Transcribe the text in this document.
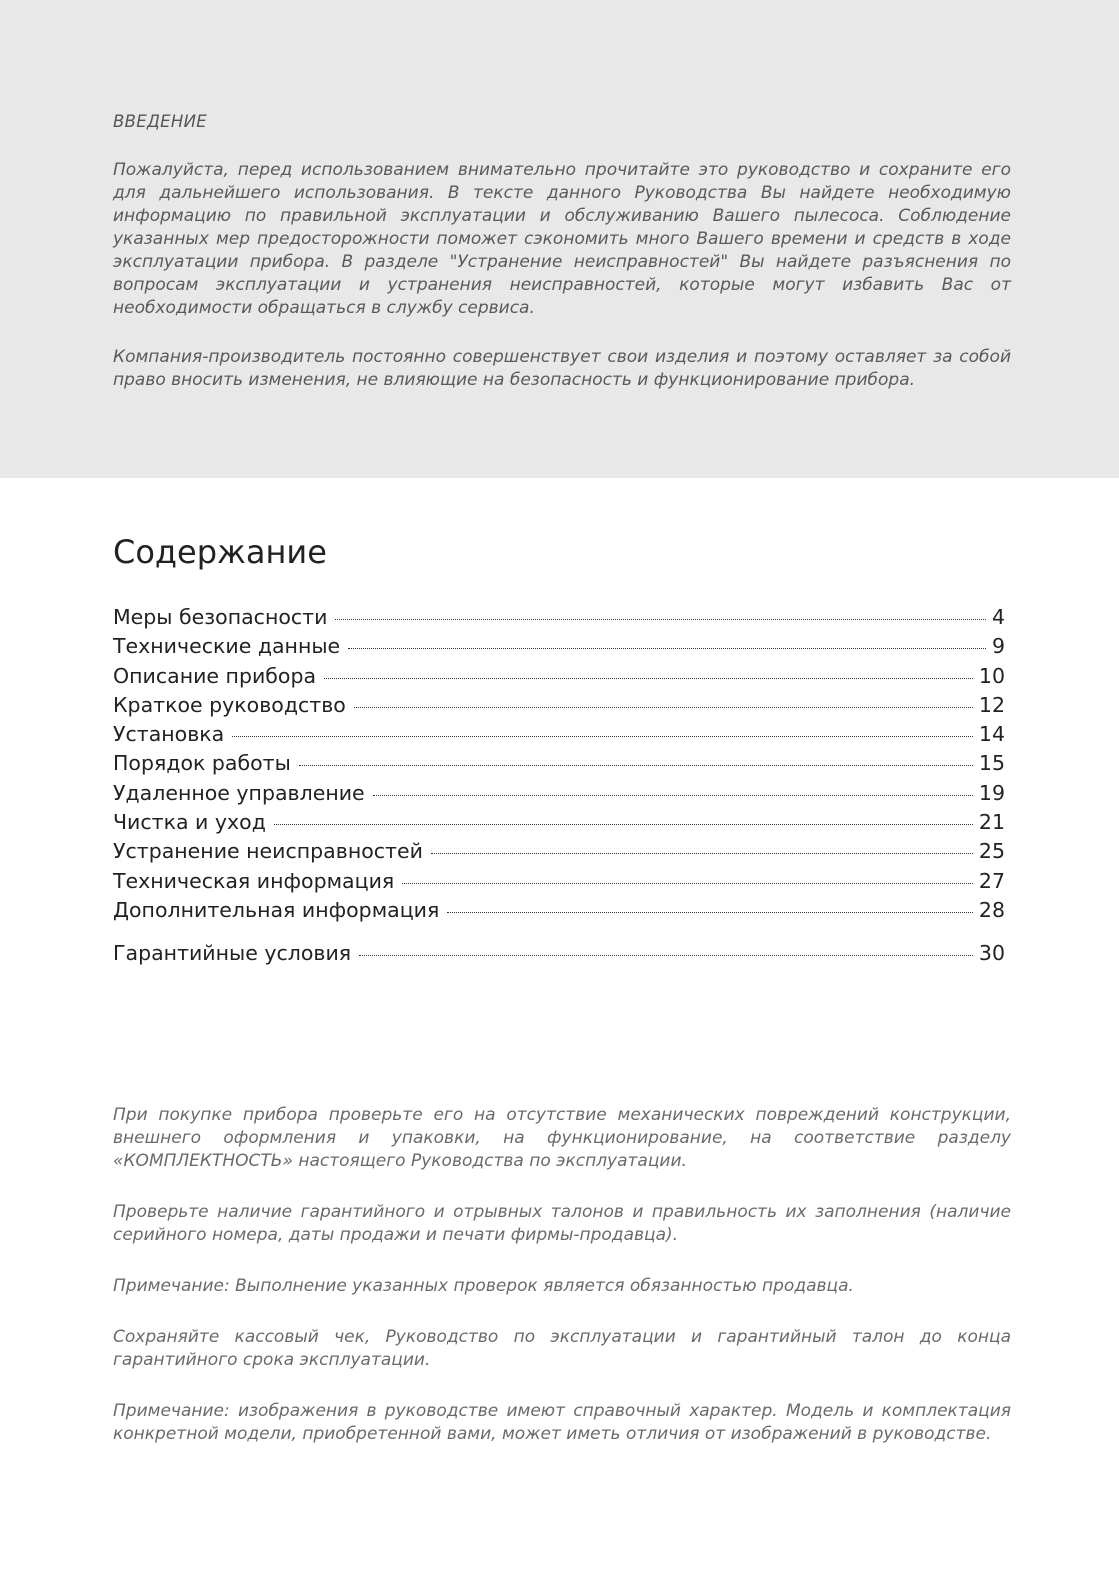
ВВЕДЕНИЕ

Пожалуйста, перед использованием внимательно прочитайте это руководство и сохраните его для дальнейшего использования. В тексте данного Руководства Вы найдете необходимую информацию по правильной эксплуатации и обслуживанию Вашего пылесоса. Соблюдение указанных мер предосторожности поможет сэкономить много Вашего времени и средств в ходе эксплуатации прибора. В разделе "Устранение неисправностей" Вы найдете разъяснения по вопросам эксплуатации и устранения неисправностей, которые могут избавить Вас от необходимости обращаться в службу сервиса.

Компания-производитель постоянно совершенствует свои изделия и поэтому оставляет за собой право вносить изменения, не влияющие на безопасность и функционирование прибора.

Содержание
Меры безопасности	4
Технические данные	9
Описание прибора	10
Краткое руководство	12
Установка	14
Порядок работы	15
Удаленное управление	19
Чистка и уход	21
Устранение неисправностей	25
Техническая информация	27
Дополнительная информация	28
Гарантийные условия	30

При покупке прибора проверьте его на отсутствие механических повреждений конструкции, внешнего оформления и упаковки, на функционирование, на соответствие разделу «КОМПЛЕКТНОСТЬ» настоящего Руководства по эксплуатации.

Проверьте наличие гарантийного и отрывных талонов и правильность их заполнения (наличие серийного номера, даты продажи и печати фирмы-продавца).

Примечание: Выполнение указанных проверок является обязанностью продавца.

Сохраняйте кассовый чек, Руководство по эксплуатации и гарантийный талон до конца гарантийного срока эксплуатации.

Примечание: изображения в руководстве имеют справочный характер. Модель и комплектация конкретной модели, приобретенной вами, может иметь отличия от изображений в руководстве.
